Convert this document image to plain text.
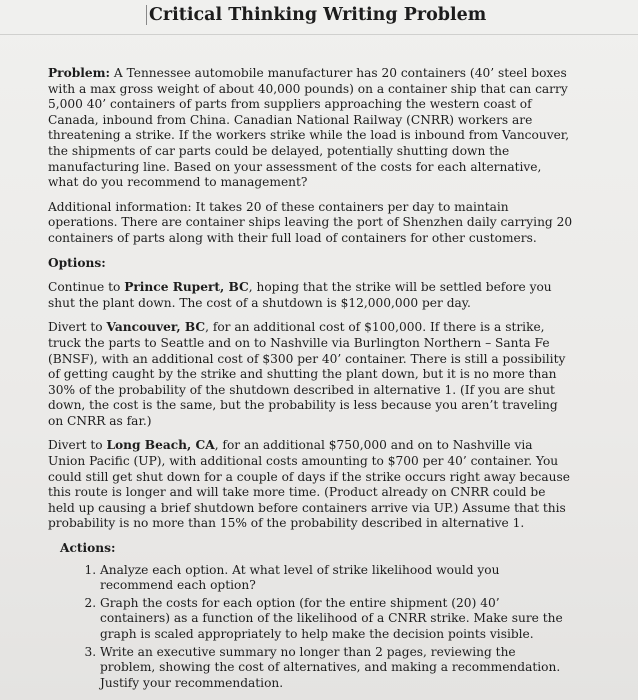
Critical Thinking Writing Problem

Problem: A Tennessee automobile manufacturer has 20 containers (40’ steel boxes with a max gross weight of about 40,000 pounds) on a container ship that can carry 5,000 40’ containers of parts from suppliers approaching the western coast of Canada, inbound from China. Canadian National Railway (CNRR) workers are threatening a strike. If the workers strike while the load is inbound from Vancouver, the shipments of car parts could be delayed, potentially shutting down the manufacturing line. Based on your assessment of the costs for each alternative, what do you recommend to management?

Additional information: It takes 20 of these containers per day to maintain operations. There are container ships leaving the port of Shenzhen daily carrying 20 containers of parts along with their full load of containers for other customers.

Options:

Continue to Prince Rupert, BC, hoping that the strike will be settled before you shut the plant down. The cost of a shutdown is $12,000,000 per day.

Divert to Vancouver, BC, for an additional cost of $100,000. If there is a strike, truck the parts to Seattle and on to Nashville via Burlington Northern – Santa Fe (BNSF), with an additional cost of $300 per 40’ container. There is still a possibility of getting caught by the strike and shutting the plant down, but it is no more than 30% of the probability of the shutdown described in alternative 1. (If you are shut down, the cost is the same, but the probability is less because you aren’t traveling on CNRR as far.)

Divert to Long Beach, CA, for an additional $750,000 and on to Nashville via Union Pacific (UP), with additional costs amounting to $700 per 40’ container. You could still get shut down for a couple of days if the strike occurs right away because this route is longer and will take more time. (Product already on CNRR could be held up causing a brief shutdown before containers arrive via UP.) Assume that this probability is no more than 15% of the probability described in alternative 1.

Actions:

1. Analyze each option. At what level of strike likelihood would you recommend each option?
2. Graph the costs for each option (for the entire shipment (20) 40’ containers) as a function of the likelihood of a CNRR strike. Make sure the graph is scaled appropriately to help make the decision points visible.
3. Write an executive summary no longer than 2 pages, reviewing the problem, showing the cost of alternatives, and making a recommendation. Justify your recommendation.
